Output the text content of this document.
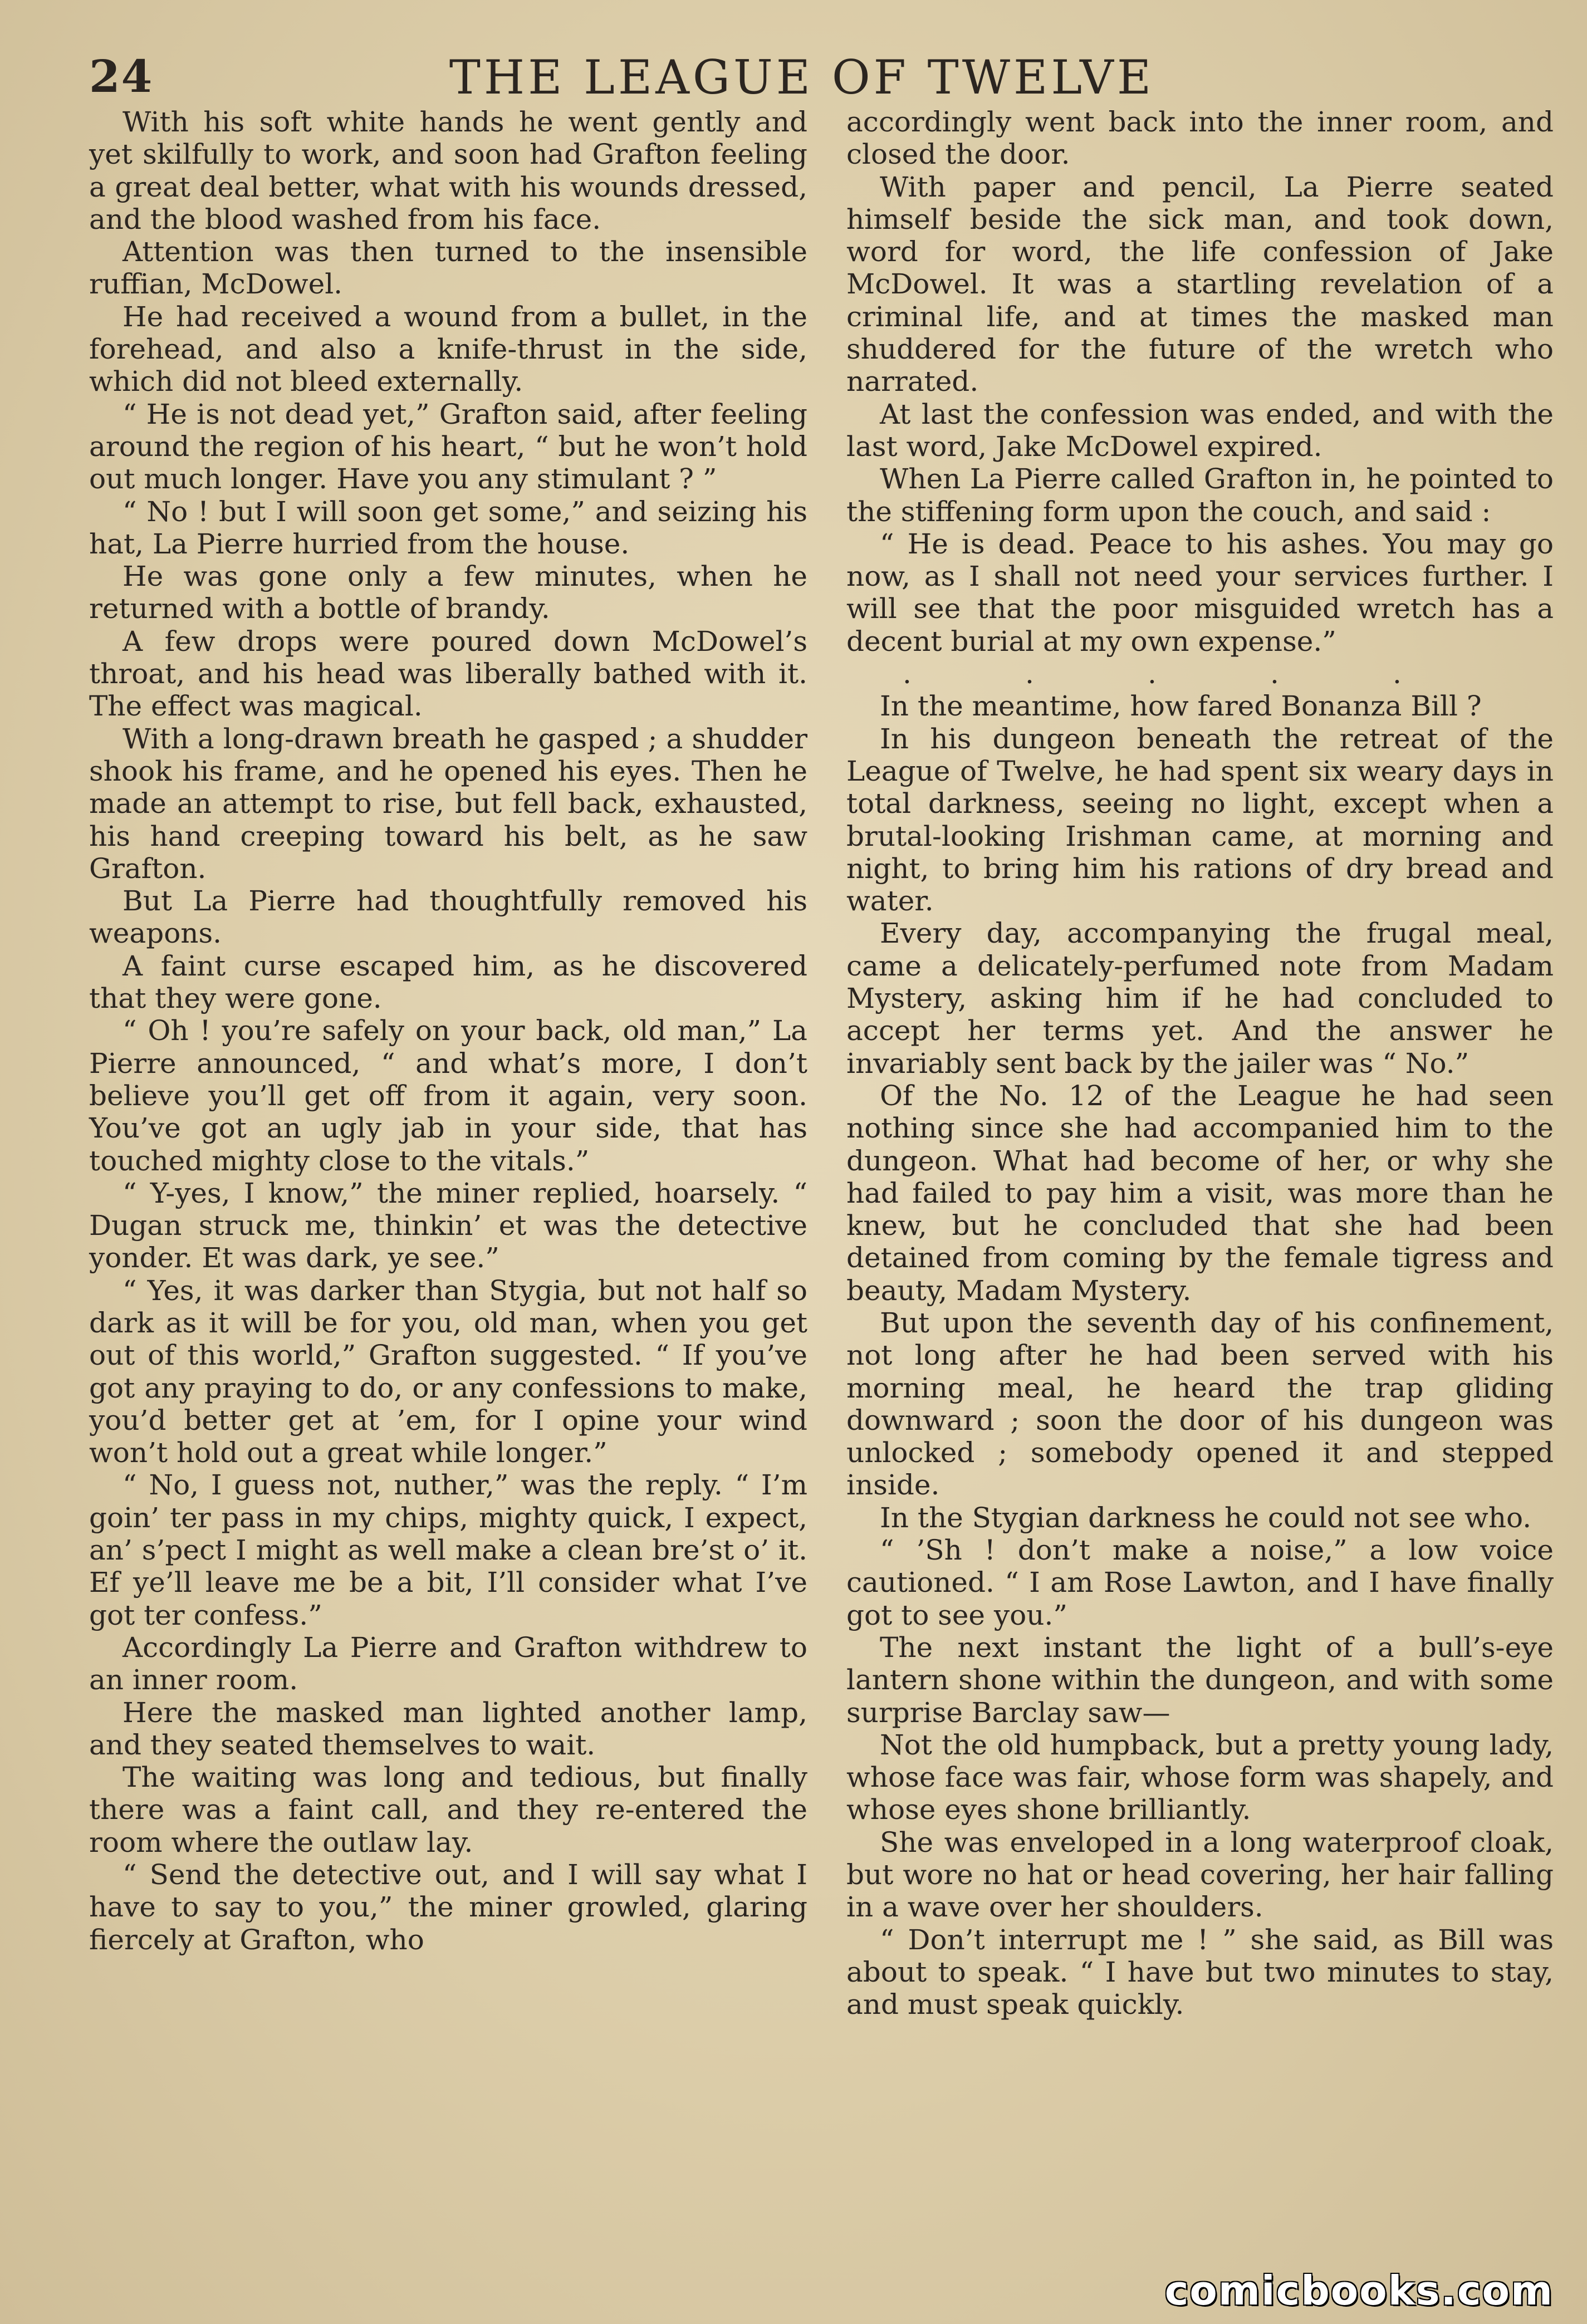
24	THE LEAGUE OF TWELVE

With his soft white hands he went gently and yet skilfully to work, and soon had Grafton feeling a great deal better, what with his wounds dressed, and the blood washed from his face.

Attention was then turned to the insensible ruffian, McDowel.

He had received a wound from a bullet, in the forehead, and also a knife-thrust in the side, which did not bleed externally.

“ He is not dead yet,” Grafton said, after feeling around the region of his heart, “ but he won’t hold out much longer. Have you any stimulant ? ”

“ No ! but I will soon get some,” and seizing his hat, La Pierre hurried from the house.

He was gone only a few minutes, when he returned with a bottle of brandy.

A few drops were poured down McDowel’s throat, and his head was liberally bathed with it. The effect was magical.

With a long-drawn breath he gasped ; a shudder shook his frame, and he opened his eyes. Then he made an attempt to rise, but fell back, exhausted, his hand creeping toward his belt, as he saw Grafton.

But La Pierre had thoughtfully removed his weapons.

A faint curse escaped him, as he discovered that they were gone.

“ Oh ! you’re safely on your back, old man,” La Pierre announced, “ and what’s more, I don’t believe you’ll get off from it again, very soon. You’ve got an ugly jab in your side, that has touched mighty close to the vitals.”

“ Y-yes, I know,” the miner replied, hoarsely. “ Dugan struck me, thinkin’ et was the detective yonder. Et was dark, ye see.”

“ Yes, it was darker than Stygia, but not half so dark as it will be for you, old man, when you get out of this world,” Grafton suggested. “ If you’ve got any praying to do, or any confessions to make, you’d better get at ’em, for I opine your wind won’t hold out a great while longer.”

“ No, I guess not, nuther,” was the reply. “ I’m goin’ ter pass in my chips, mighty quick, I expect, an’ s’pect I might as well make a clean bre’st o’ it. Ef ye’ll leave me be a bit, I’ll consider what I’ve got ter confess.”

Accordingly La Pierre and Grafton withdrew to an inner room.

Here the masked man lighted another lamp, and they seated themselves to wait.

The waiting was long and tedious, but finally there was a faint call, and they re-entered the room where the outlaw lay.

“ Send the detective out, and I will say what I have to say to you,” the miner growled, glaring fiercely at Grafton, who

accordingly went back into the inner room, and closed the door.

With paper and pencil, La Pierre seated himself beside the sick man, and took down, word for word, the life confession of Jake McDowel. It was a startling revelation of a criminal life, and at times the masked man shuddered for the future of the wretch who narrated.

At last the confession was ended, and with the last word, Jake McDowel expired.

When La Pierre called Grafton in, he pointed to the stiffening form upon the couch, and said :

“ He is dead. Peace to his ashes. You may go now, as I shall not need your services further. I will see that the poor misguided wretch has a decent burial at my own expense.”

.	.	.	.	.

In the meantime, how fared Bonanza Bill ?

In his dungeon beneath the retreat of the League of Twelve, he had spent six weary days in total darkness, seeing no light, except when a brutal-looking Irishman came, at morning and night, to bring him his rations of dry bread and water.

Every day, accompanying the frugal meal, came a delicately-perfumed note from Madam Mystery, asking him if he had concluded to accept her terms yet. And the answer he invariably sent back by the jailer was “ No.”

Of the No. 12 of the League he had seen nothing since she had accompanied him to the dungeon. What had become of her, or why she had failed to pay him a visit, was more than he knew, but he concluded that she had been detained from coming by the female tigress and beauty, Madam Mystery.

But upon the seventh day of his confinement, not long after he had been served with his morning meal, he heard the trap gliding downward ; soon the door of his dungeon was unlocked ; somebody opened it and stepped inside.

In the Stygian darkness he could not see who.

“ ’Sh ! don’t make a noise,” a low voice cautioned. “ I am Rose Lawton, and I have finally got to see you.”

The next instant the light of a bull’s-eye lantern shone within the dungeon, and with some surprise Barclay saw—

Not the old humpback, but a pretty young lady, whose face was fair, whose form was shapely, and whose eyes shone brilliantly.

She was enveloped in a long waterproof cloak, but wore no hat or head covering, her hair falling in a wave over her shoulders.

“ Don’t interrupt me ! ” she said, as Bill was about to speak. “ I have but two minutes to stay, and must speak quickly.

comicbooks.com
